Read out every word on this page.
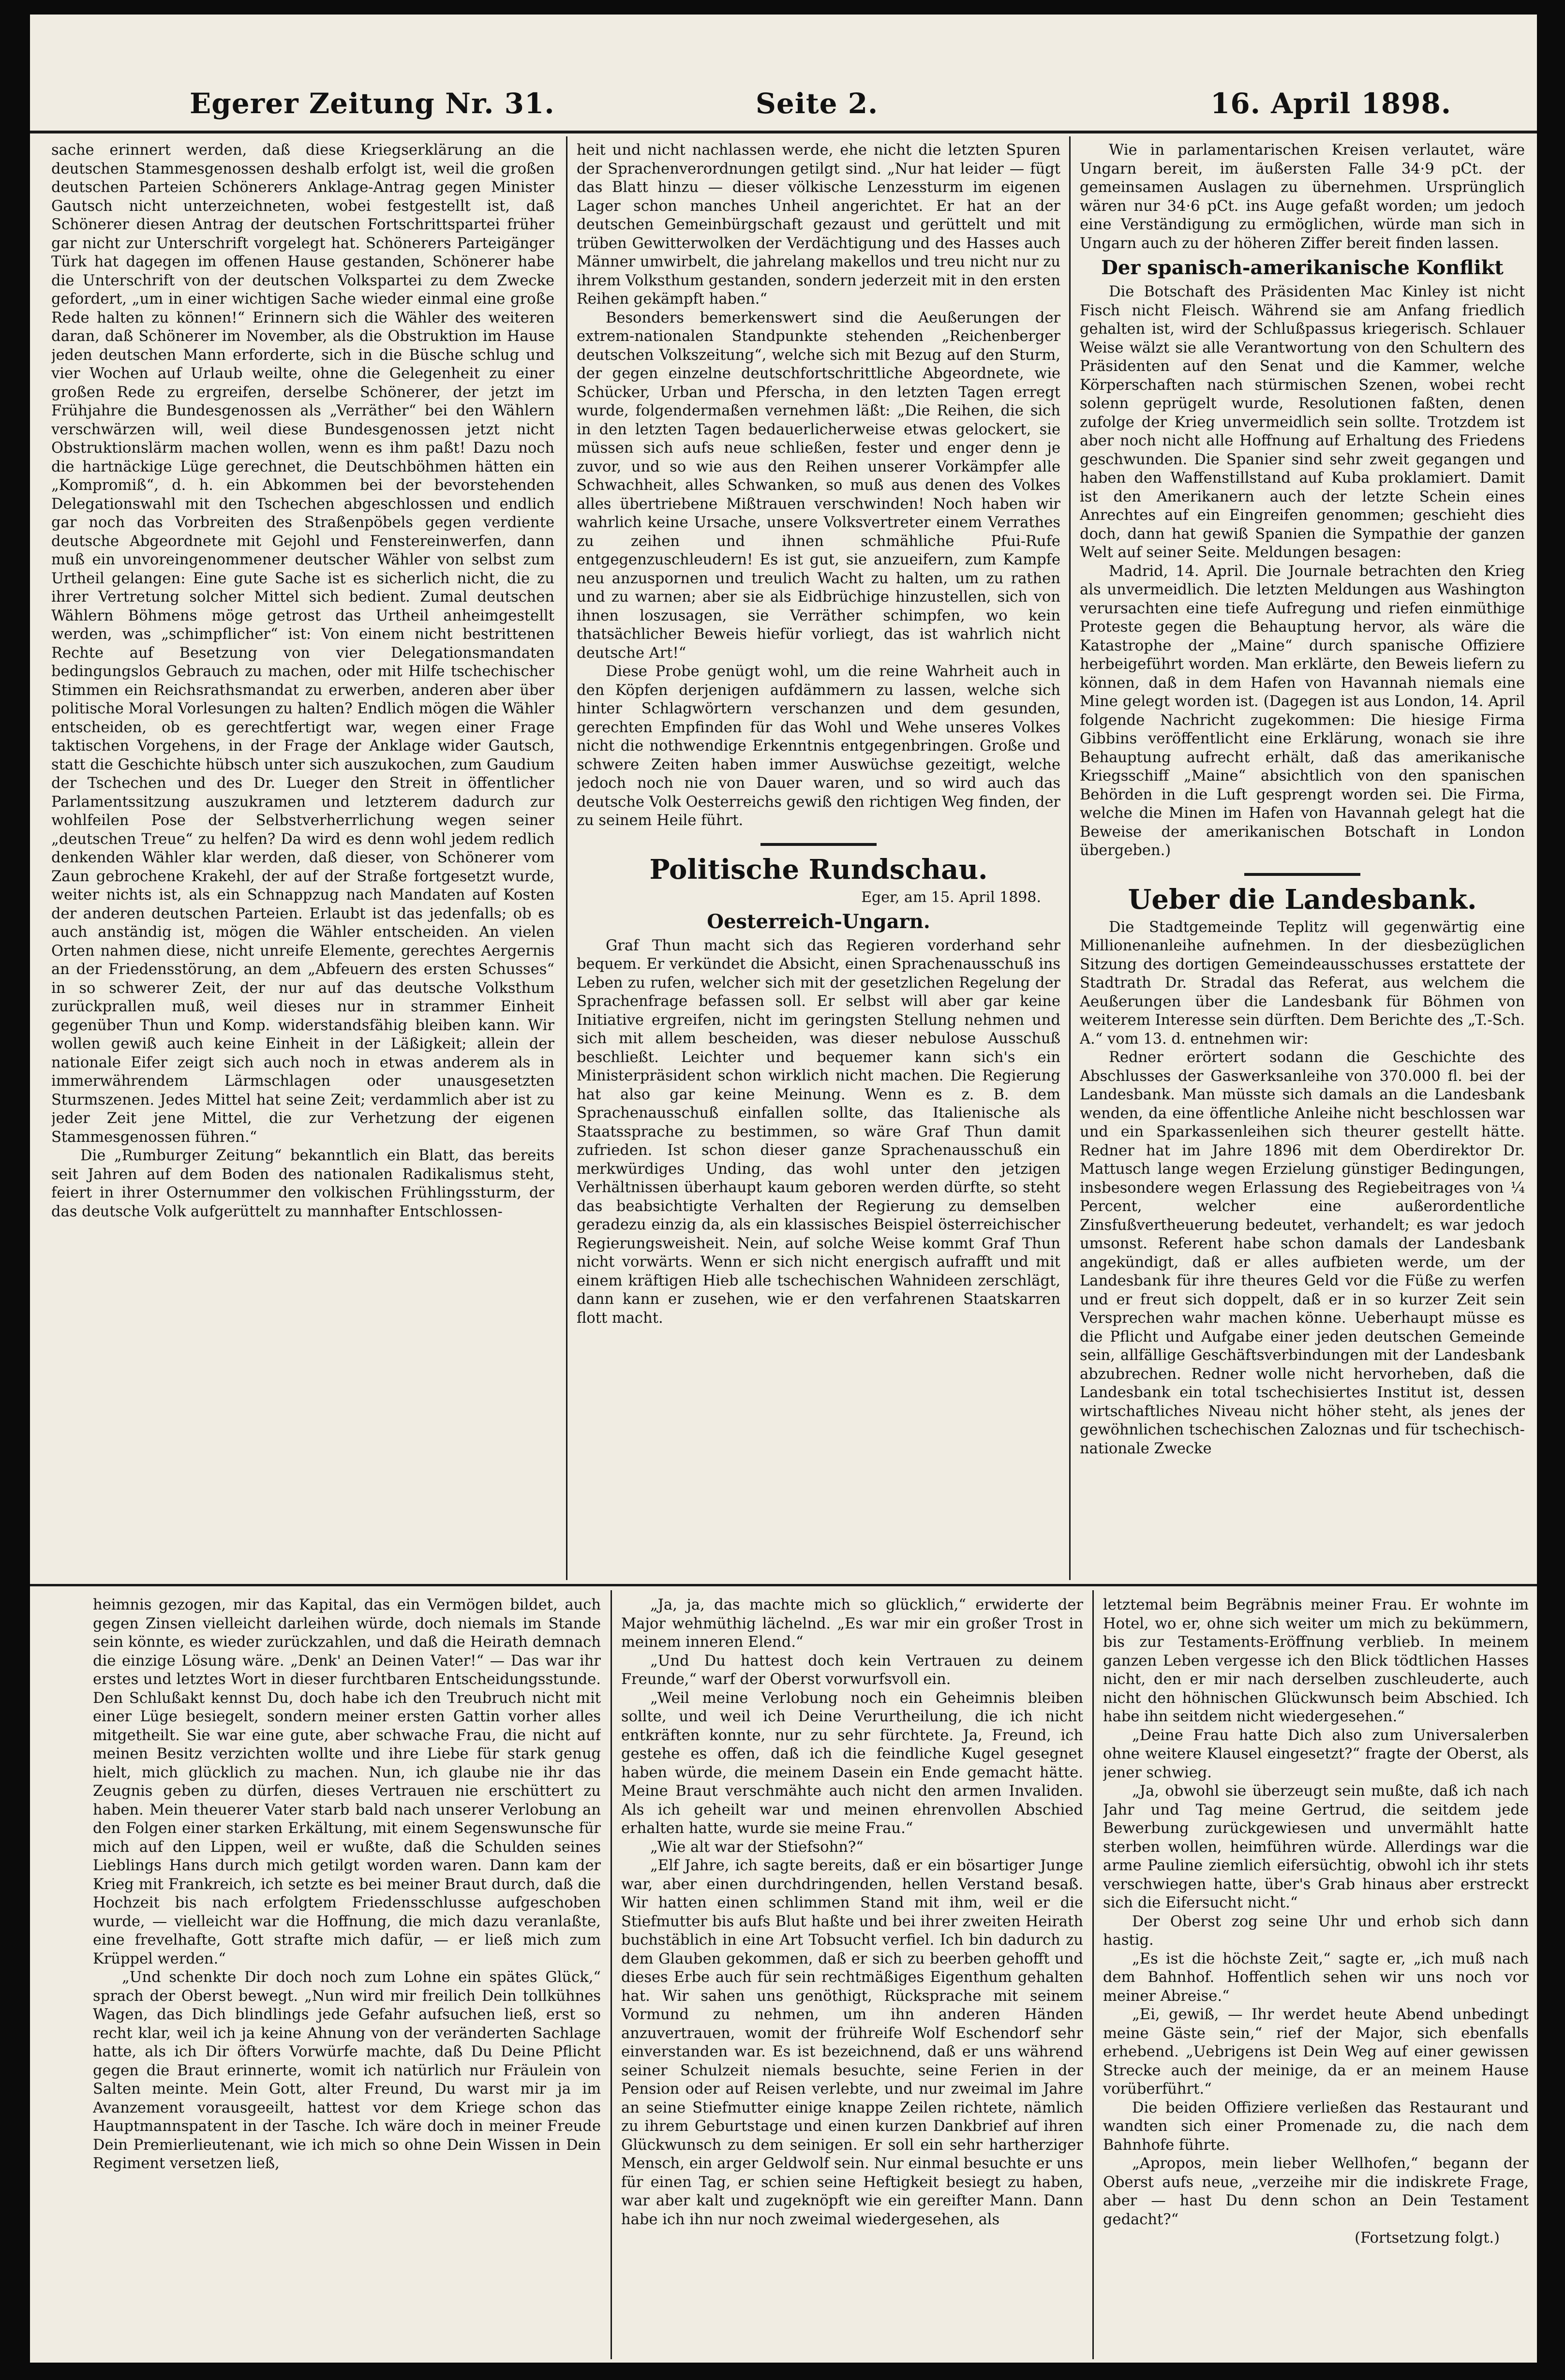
Egerer Zeitung Nr. 31.	Seite 2.	16. April 1898.

sache erinnert werden, daß diese Kriegserklärung an die deutschen Stammesgenossen deshalb erfolgt ist, weil die großen deutschen Parteien Schönerers Anklage-Antrag gegen Minister Gautsch nicht unterzeichneten, wobei festgestellt ist, daß Schönerer diesen Antrag der deutschen Fortschrittspartei früher gar nicht zur Unterschrift vorgelegt hat. Schönerers Parteigänger Türk hat dagegen im offenen Hause gestanden, Schönerer habe die Unterschrift von der deutschen Volkspartei zu dem Zwecke gefordert, „um in einer wichtigen Sache wieder einmal eine große Rede halten zu können!“ Erinnern sich die Wähler des weiteren daran, daß Schönerer im November, als die Obstruktion im Hause jeden deutschen Mann erforderte, sich in die Büsche schlug und vier Wochen auf Urlaub weilte, ohne die Gelegenheit zu einer großen Rede zu ergreifen, derselbe Schönerer, der jetzt im Frühjahre die Bundesgenossen als „Verräther“ bei den Wählern verschwärzen will, weil diese Bundesgenossen jetzt nicht Obstruktionslärm machen wollen, wenn es ihm paßt! Dazu noch die hartnäckige Lüge gerechnet, die Deutschböhmen hätten ein „Kompromiß“, d. h. ein Abkommen bei der bevorstehenden Delegationswahl mit den Tschechen abgeschlossen und endlich gar noch das Vorbreiten des Straßenpöbels gegen verdiente deutsche Abgeordnete mit Gejohl und Fenstereinwerfen, dann muß ein unvoreingenommener deutscher Wähler von selbst zum Urtheil gelangen: Eine gute Sache ist es sicherlich nicht, die zu ihrer Vertretung solcher Mittel sich bedient. Zumal deutschen Wählern Böhmens möge getrost das Urtheil anheimgestellt werden, was „schimpflicher“ ist: Von einem nicht bestrittenen Rechte auf Besetzung von vier Delegationsmandaten bedingungslos Gebrauch zu machen, oder mit Hilfe tschechischer Stimmen ein Reichsrathsmandat zu erwerben, anderen aber über politische Moral Vorlesungen zu halten? Endlich mögen die Wähler entscheiden, ob es gerechtfertigt war, wegen einer Frage taktischen Vorgehens, in der Frage der Anklage wider Gautsch, statt die Geschichte hübsch unter sich auszukochen, zum Gaudium der Tschechen und des Dr. Lueger den Streit in öffentlicher Parlamentssitzung auszukramen und letzterem dadurch zur wohlfeilen Pose der Selbstverherrlichung wegen seiner „deutschen Treue“ zu helfen? Da wird es denn wohl jedem redlich denkenden Wähler klar werden, daß dieser, von Schönerer vom Zaun gebrochene Krakehl, der auf der Straße fortgesetzt wurde, weiter nichts ist, als ein Schnappzug nach Mandaten auf Kosten der anderen deutschen Parteien. Erlaubt ist das jedenfalls; ob es auch anständig ist, mögen die Wähler entscheiden. An vielen Orten nahmen diese, nicht unreife Elemente, gerechtes Aergernis an der Friedensstörung, an dem „Abfeuern des ersten Schusses“ in so schwerer Zeit, der nur auf das deutsche Volksthum zurückprallen muß, weil dieses nur in strammer Einheit gegenüber Thun und Komp. widerstandsfähig bleiben kann. Wir wollen gewiß auch keine Einheit in der Läßigkeit; allein der nationale Eifer zeigt sich auch noch in etwas anderem als in immerwährendem Lärmschlagen oder unausgesetzten Sturmszenen. Jedes Mittel hat seine Zeit; verdammlich aber ist zu jeder Zeit jene Mittel, die zur Verhetzung der eigenen Stammesgenossen führen.“

Die „Rumburger Zeitung“ bekanntlich ein Blatt, das bereits seit Jahren auf dem Boden des nationalen Radikalismus steht, feiert in ihrer Osternummer den volkischen Frühlingssturm, der das deutsche Volk aufgerüttelt zu mannhafter Entschlossen-

heit und nicht nachlassen werde, ehe nicht die letzten Spuren der Sprachenverordnungen getilgt sind. „Nur hat leider — fügt das Blatt hinzu — dieser völkische Lenzessturm im eigenen Lager schon manches Unheil angerichtet. Er hat an der deutschen Gemeinbürgschaft gezaust und gerüttelt und mit trüben Gewitterwolken der Verdächtigung und des Hasses auch Männer umwirbelt, die jahrelang makellos und treu nicht nur zu ihrem Volksthum gestanden, sondern jederzeit mit in den ersten Reihen gekämpft haben.“

Besonders bemerkenswert sind die Aeußerungen der extrem-nationalen Standpunkte stehenden „Reichenberger deutschen Volkszeitung“, welche sich mit Bezug auf den Sturm, der gegen einzelne deutschfortschrittliche Abgeordnete, wie Schücker, Urban und Pferscha, in den letzten Tagen erregt wurde, folgendermaßen vernehmen läßt: „Die Reihen, die sich in den letzten Tagen bedauerlicherweise etwas gelockert, sie müssen sich aufs neue schließen, fester und enger denn je zuvor, und so wie aus den Reihen unserer Vorkämpfer alle Schwachheit, alles Schwanken, so muß aus denen des Volkes alles übertriebene Mißtrauen verschwinden! Noch haben wir wahrlich keine Ursache, unsere Volksvertreter einem Verrathes zu zeihen und ihnen schmähliche Pfui-Rufe entgegenzuschleudern! Es ist gut, sie anzueifern, zum Kampfe neu anzuspornen und treulich Wacht zu halten, um zu rathen und zu warnen; aber sie als Eidbrüchige hinzustellen, sich von ihnen loszusagen, sie Verräther schimpfen, wo kein thatsächlicher Beweis hiefür vorliegt, das ist wahrlich nicht deutsche Art!“

Diese Probe genügt wohl, um die reine Wahrheit auch in den Köpfen derjenigen aufdämmern zu lassen, welche sich hinter Schlagwörtern verschanzen und dem gesunden, gerechten Empfinden für das Wohl und Wehe unseres Volkes nicht die nothwendige Erkenntnis entgegenbringen. Große und schwere Zeiten haben immer Auswüchse gezeitigt, welche jedoch noch nie von Dauer waren, und so wird auch das deutsche Volk Oesterreichs gewiß den richtigen Weg finden, der zu seinem Heile führt.

Politische Rundschau.
Eger, am 15. April 1898.
Oesterreich-Ungarn.

Graf Thun macht sich das Regieren vorderhand sehr bequem. Er verkündet die Absicht, einen Sprachenausschuß ins Leben zu rufen, welcher sich mit der gesetzlichen Regelung der Sprachenfrage befassen soll. Er selbst will aber gar keine Initiative ergreifen, nicht im geringsten Stellung nehmen und sich mit allem bescheiden, was dieser nebulose Ausschuß beschließt. Leichter und bequemer kann sich's ein Ministerpräsident schon wirklich nicht machen. Die Regierung hat also gar keine Meinung. Wenn es z. B. dem Sprachenausschuß einfallen sollte, das Italienische als Staatssprache zu bestimmen, so wäre Graf Thun damit zufrieden. Ist schon dieser ganze Sprachenausschuß ein merkwürdiges Unding, das wohl unter den jetzigen Verhältnissen überhaupt kaum geboren werden dürfte, so steht das beabsichtigte Verhalten der Regierung zu demselben geradezu einzig da, als ein klassisches Beispiel österreichischer Regierungsweisheit. Nein, auf solche Weise kommt Graf Thun nicht vorwärts. Wenn er sich nicht energisch aufrafft und mit einem kräftigen Hieb alle tschechischen Wahnideen zerschlägt, dann kann er zusehen, wie er den verfahrenen Staatskarren flott macht.

Wie in parlamentarischen Kreisen verlautet, wäre Ungarn bereit, im äußersten Falle 34·9 pCt. der gemeinsamen Auslagen zu übernehmen. Ursprünglich wären nur 34·6 pCt. ins Auge gefaßt worden; um jedoch eine Verständigung zu ermöglichen, würde man sich in Ungarn auch zu der höheren Ziffer bereit finden lassen.

Der spanisch-amerikanische Konflikt

Die Botschaft des Präsidenten Mac Kinley ist nicht Fisch nicht Fleisch. Während sie am Anfang friedlich gehalten ist, wird der Schlußpassus kriegerisch. Schlauer Weise wälzt sie alle Verantwortung von den Schultern des Präsidenten auf den Senat und die Kammer, welche Körperschaften nach stürmischen Szenen, wobei recht solenn geprügelt wurde, Resolutionen faßten, denen zufolge der Krieg unvermeidlich sein sollte. Trotzdem ist aber noch nicht alle Hoffnung auf Erhaltung des Friedens geschwunden. Die Spanier sind sehr zweit gegangen und haben den Waffenstillstand auf Kuba proklamiert. Damit ist den Amerikanern auch der letzte Schein eines Anrechtes auf ein Eingreifen genommen; geschieht dies doch, dann hat gewiß Spanien die Sympathie der ganzen Welt auf seiner Seite. Meldungen besagen:

Madrid, 14. April. Die Journale betrachten den Krieg als unvermeidlich. Die letzten Meldungen aus Washington verursachten eine tiefe Aufregung und riefen einmüthige Proteste gegen die Behauptung hervor, als wäre die Katastrophe der „Maine“ durch spanische Offiziere herbeigeführt worden. Man erklärte, den Beweis liefern zu können, daß in dem Hafen von Havannah niemals eine Mine gelegt worden ist. (Dagegen ist aus London, 14. April folgende Nachricht zugekommen: Die hiesige Firma Gibbins veröffentlicht eine Erklärung, wonach sie ihre Behauptung aufrecht erhält, daß das amerikanische Kriegsschiff „Maine“ absichtlich von den spanischen Behörden in die Luft gesprengt worden sei. Die Firma, welche die Minen im Hafen von Havannah gelegt hat die Beweise der amerikanischen Botschaft in London übergeben.)

Ueber die Landesbank.

Die Stadtgemeinde Teplitz will gegenwärtig eine Millionenanleihe aufnehmen. In der diesbezüglichen Sitzung des dortigen Gemeindeausschusses erstattete der Stadtrath Dr. Stradal das Referat, aus welchem die Aeußerungen über die Landesbank für Böhmen von weiterem Interesse sein dürften. Dem Berichte des „T.-Sch. A.“ vom 13. d. entnehmen wir:

Redner erörtert sodann die Geschichte des Abschlusses der Gaswerksanleihe von 370.000 fl. bei der Landesbank. Man müsste sich damals an die Landesbank wenden, da eine öffentliche Anleihe nicht beschlossen war und ein Sparkassenleihen sich theurer gestellt hätte. Redner hat im Jahre 1896 mit dem Oberdirektor Dr. Mattusch lange wegen Erzielung günstiger Bedingungen, insbesondere wegen Erlassung des Regiebeitrages von ¼ Percent, welcher eine außerordentliche Zinsfußvertheuerung bedeutet, verhandelt; es war jedoch umsonst. Referent habe schon damals der Landesbank angekündigt, daß er alles aufbieten werde, um der Landesbank für ihre theures Geld vor die Füße zu werfen und er freut sich doppelt, daß er in so kurzer Zeit sein Versprechen wahr machen könne. Ueberhaupt müsse es die Pflicht und Aufgabe einer jeden deutschen Gemeinde sein, allfällige Geschäftsverbindungen mit der Landesbank abzubrechen. Redner wolle nicht hervorheben, daß die Landesbank ein total tschechisiertes Institut ist, dessen wirtschaftliches Niveau nicht höher steht, als jenes der gewöhnlichen tschechischen Zaloznas und für tschechisch-nationale Zwecke

heimnis gezogen, mir das Kapital, das ein Vermögen bildet, auch gegen Zinsen vielleicht darleihen würde, doch niemals im Stande sein könnte, es wieder zurückzahlen, und daß die Heirath demnach die einzige Lösung wäre. „Denk' an Deinen Vater!“ — Das war ihr erstes und letztes Wort in dieser furchtbaren Entscheidungsstunde. Den Schlußakt kennst Du, doch habe ich den Treubruch nicht mit einer Lüge besiegelt, sondern meiner ersten Gattin vorher alles mitgetheilt. Sie war eine gute, aber schwache Frau, die nicht auf meinen Besitz verzichten wollte und ihre Liebe für stark genug hielt, mich glücklich zu machen. Nun, ich glaube nie ihr das Zeugnis geben zu dürfen, dieses Vertrauen nie erschüttert zu haben. Mein theuerer Vater starb bald nach unserer Verlobung an den Folgen einer starken Erkältung, mit einem Segenswunsche für mich auf den Lippen, weil er wußte, daß die Schulden seines Lieblings Hans durch mich getilgt worden waren. Dann kam der Krieg mit Frankreich, ich setzte es bei meiner Braut durch, daß die Hochzeit bis nach erfolgtem Friedensschlusse aufgeschoben wurde, — vielleicht war die Hoffnung, die mich dazu veranlaßte, eine frevelhafte, Gott strafte mich dafür, — er ließ mich zum Krüppel werden.“

„Und schenkte Dir doch noch zum Lohne ein spätes Glück,“ sprach der Oberst bewegt. „Nun wird mir freilich Dein tollkühnes Wagen, das Dich blindlings jede Gefahr aufsuchen ließ, erst so recht klar, weil ich ja keine Ahnung von der veränderten Sachlage hatte, als ich Dir öfters Vorwürfe machte, daß Du Deine Pflicht gegen die Braut erinnerte, womit ich natürlich nur Fräulein von Salten meinte. Mein Gott, alter Freund, Du warst mir ja im Avanzement vorausgeeilt, hattest vor dem Kriege schon das Hauptmannspatent in der Tasche. Ich wäre doch in meiner Freude Dein Premierlieutenant, wie ich mich so ohne Dein Wissen in Dein Regiment versetzen ließ,

„Ja, ja, das machte mich so glücklich,“ erwiderte der Major wehmüthig lächelnd. „Es war mir ein großer Trost in meinem inneren Elend.“

„Und Du hattest doch kein Vertrauen zu deinem Freunde,“ warf der Oberst vorwurfsvoll ein.

„Weil meine Verlobung noch ein Geheimnis bleiben sollte, und weil ich Deine Verurtheilung, die ich nicht entkräften konnte, nur zu sehr fürchtete. Ja, Freund, ich gestehe es offen, daß ich die feindliche Kugel gesegnet haben würde, die meinem Dasein ein Ende gemacht hätte. Meine Braut verschmähte auch nicht den armen Invaliden. Als ich geheilt war und meinen ehrenvollen Abschied erhalten hatte, wurde sie meine Frau.“

„Wie alt war der Stiefsohn?“

„Elf Jahre, ich sagte bereits, daß er ein bösartiger Junge war, aber einen durchdringenden, hellen Verstand besaß. Wir hatten einen schlimmen Stand mit ihm, weil er die Stiefmutter bis aufs Blut haßte und bei ihrer zweiten Heirath buchstäblich in eine Art Tobsucht verfiel. Ich bin dadurch zu dem Glauben gekommen, daß er sich zu beerben gehofft und dieses Erbe auch für sein rechtmäßiges Eigenthum gehalten hat. Wir sahen uns genöthigt, Rücksprache mit seinem Vormund zu nehmen, um ihn anderen Händen anzuvertrauen, womit der frühreife Wolf Eschendorf sehr einverstanden war. Es ist bezeichnend, daß er uns während seiner Schulzeit niemals besuchte, seine Ferien in der Pension oder auf Reisen verlebte, und nur zweimal im Jahre an seine Stiefmutter einige knappe Zeilen richtete, nämlich zu ihrem Geburtstage und einen kurzen Dankbrief auf ihren Glückwunsch zu dem seinigen. Er soll ein sehr hartherziger Mensch, ein arger Geldwolf sein. Nur einmal besuchte er uns für einen Tag, er schien seine Heftigkeit besiegt zu haben, war aber kalt und zugeknöpft wie ein gereifter Mann. Dann habe ich ihn nur noch zweimal wiedergesehen, als

letztemal beim Begräbnis meiner Frau. Er wohnte im Hotel, wo er, ohne sich weiter um mich zu bekümmern, bis zur Testaments-Eröffnung verblieb. In meinem ganzen Leben vergesse ich den Blick tödtlichen Hasses nicht, den er mir nach derselben zuschleuderte, auch nicht den höhnischen Glückwunsch beim Abschied. Ich habe ihn seitdem nicht wiedergesehen.“

„Deine Frau hatte Dich also zum Universalerben ohne weitere Klausel eingesetzt?“ fragte der Oberst, als jener schwieg.

„Ja, obwohl sie überzeugt sein mußte, daß ich nach Jahr und Tag meine Gertrud, die seitdem jede Bewerbung zurückgewiesen und unvermählt hatte sterben wollen, heimführen würde. Allerdings war die arme Pauline ziemlich eifersüchtig, obwohl ich ihr stets verschwiegen hatte, über's Grab hinaus aber erstreckt sich die Eifersucht nicht.“

Der Oberst zog seine Uhr und erhob sich dann hastig.

„Es ist die höchste Zeit,“ sagte er, „ich muß nach dem Bahnhof. Hoffentlich sehen wir uns noch vor meiner Abreise.“

„Ei, gewiß, — Ihr werdet heute Abend unbedingt meine Gäste sein,“ rief der Major, sich ebenfalls erhebend. „Uebrigens ist Dein Weg auf einer gewissen Strecke auch der meinige, da er an meinem Hause vorüberführt.“

Die beiden Offiziere verließen das Restaurant und wandten sich einer Promenade zu, die nach dem Bahnhofe führte.

„Apropos, mein lieber Wellhofen,“ begann der Oberst aufs neue, „verzeihe mir die indiskrete Frage, aber — hast Du denn schon an Dein Testament gedacht?“

(Fortsetzung folgt.)
